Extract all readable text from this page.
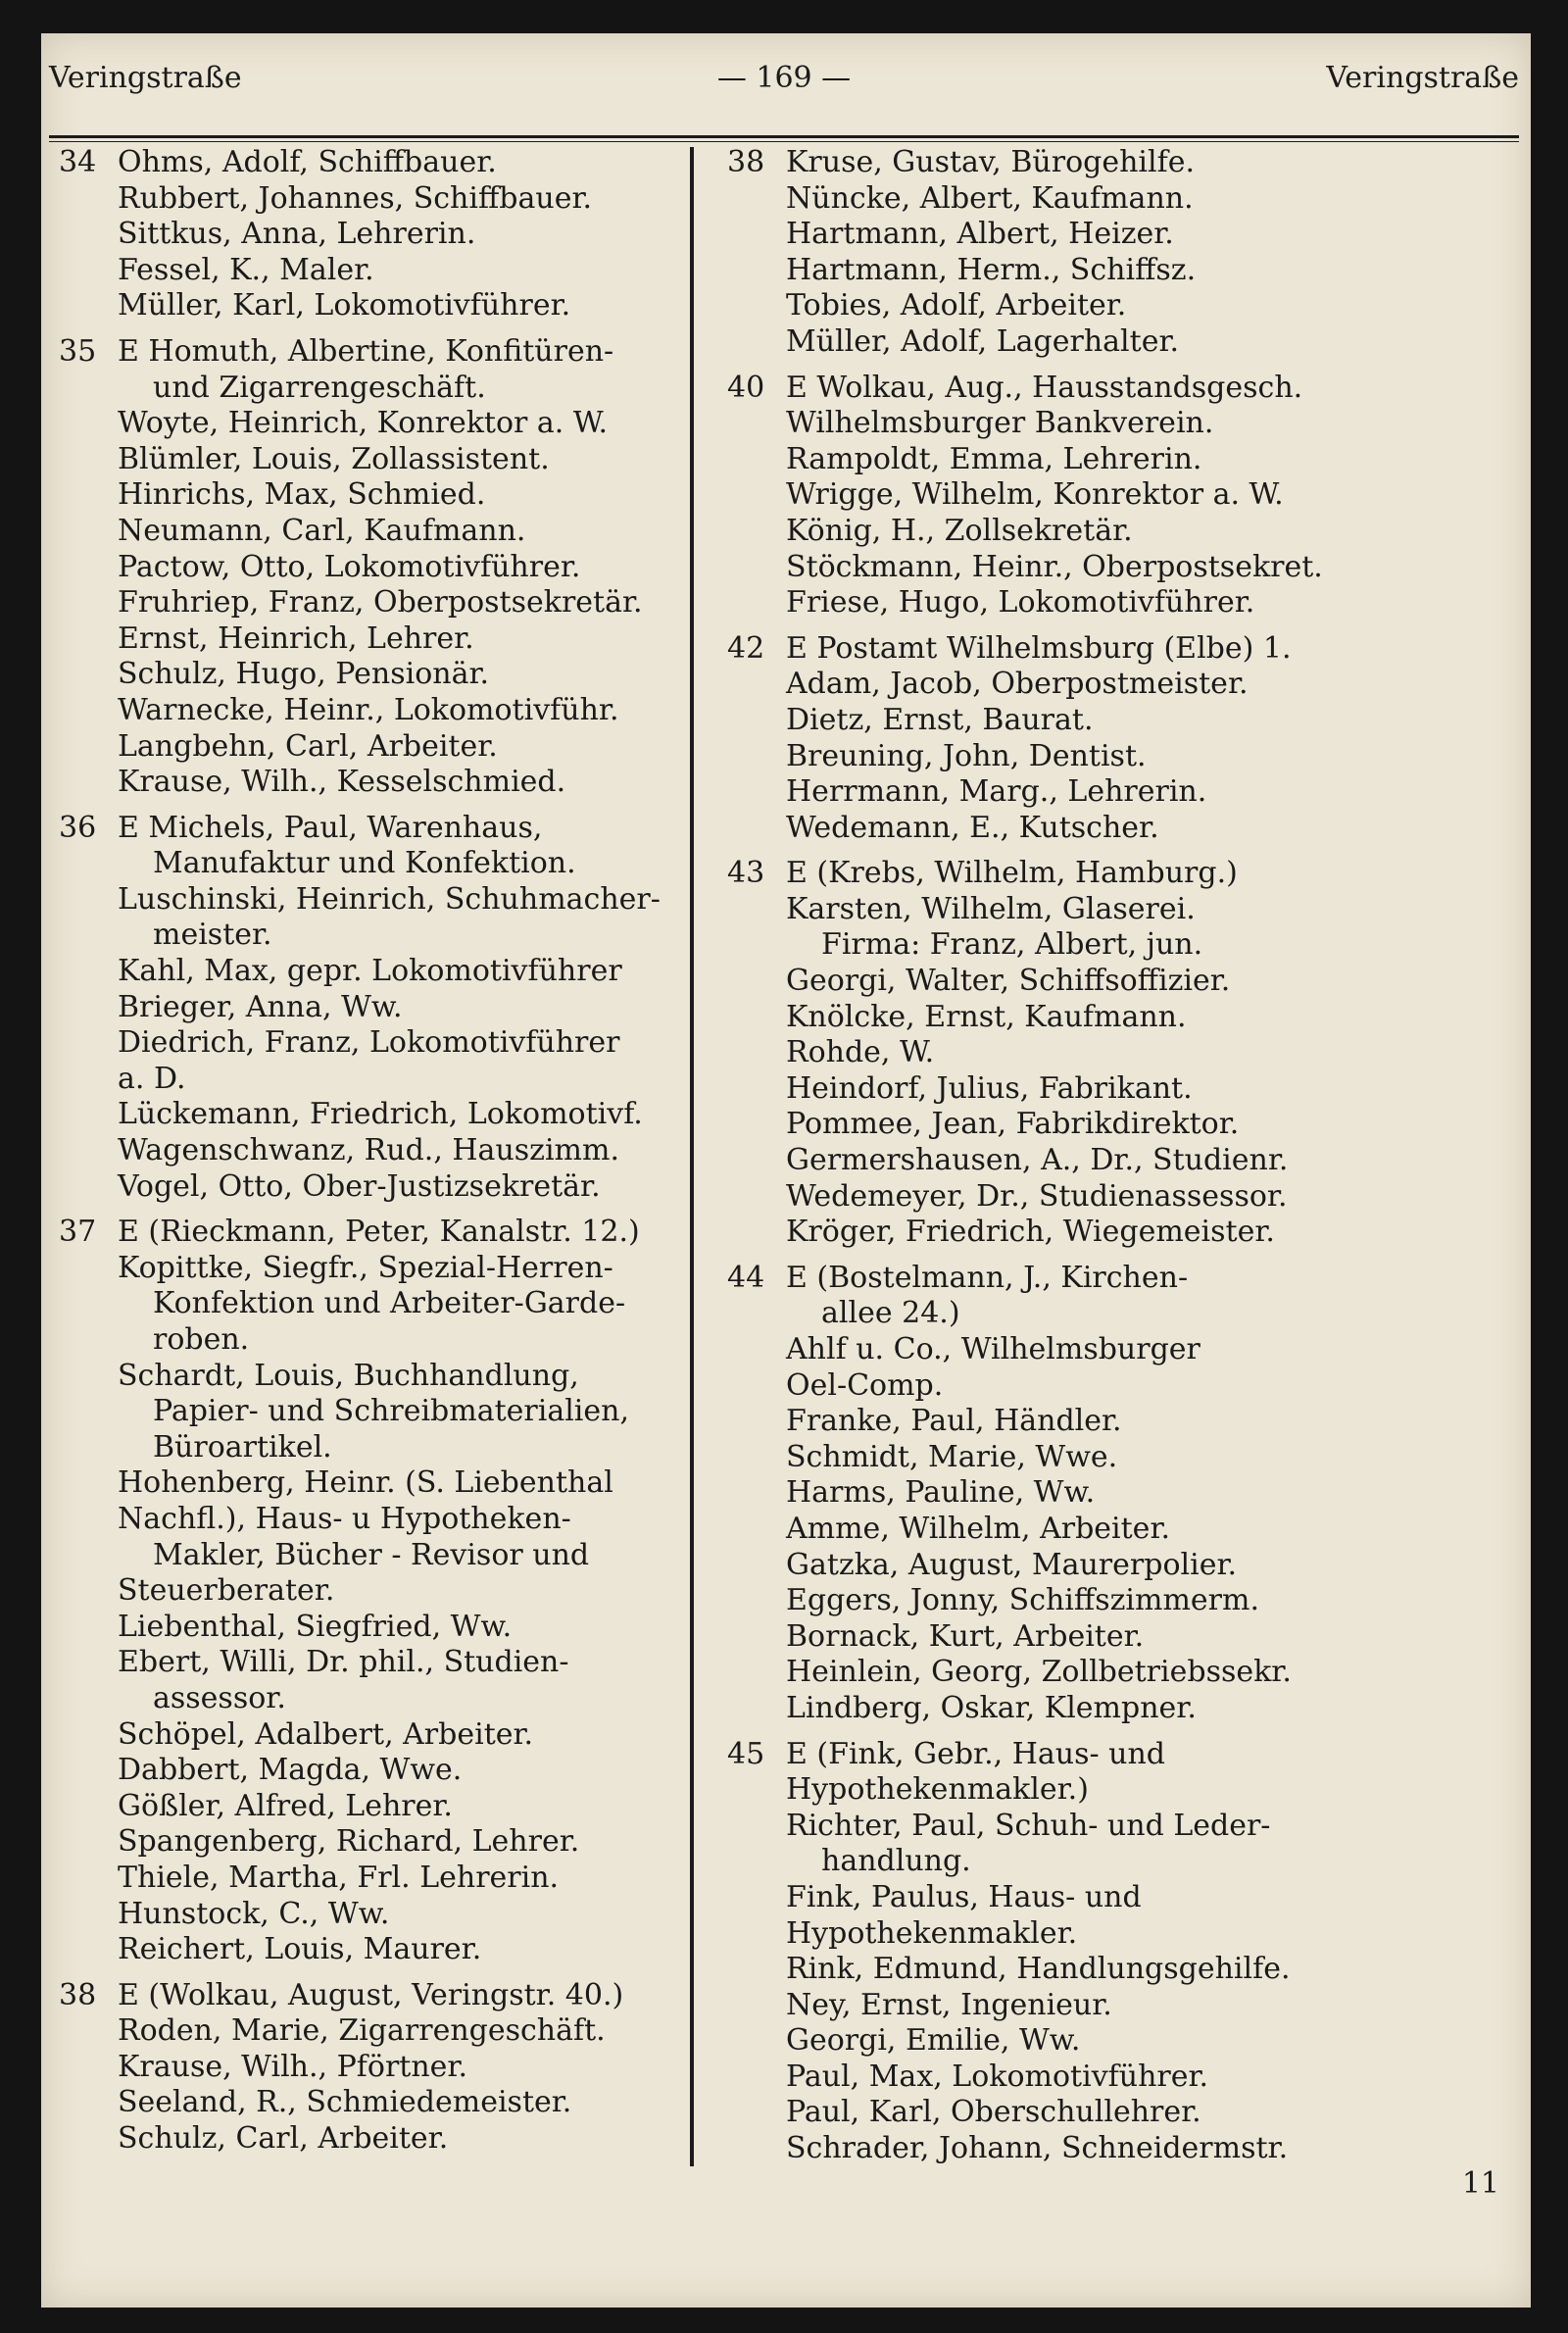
Veringstraße	— 169 —	Veringstraße
34 Ohms, Adolf, Schiffbauer.
Rubbert, Johannes, Schiffbauer.
Sittkus, Anna, Lehrerin.
Fessel, K., Maler.
Müller, Karl, Lokomotivführer.
35 E Homuth, Albertine, Konfitüren-
und Zigarrengeschäft.
Woyte, Heinrich, Konrektor a. W.
Blümler, Louis, Zollassistent.
Hinrichs, Max, Schmied.
Neumann, Carl, Kaufmann.
Pactow, Otto, Lokomotivführer.
Fruhriep, Franz, Oberpostsekretär.
Ernst, Heinrich, Lehrer.
Schulz, Hugo, Pensionär.
Warnecke, Heinr., Lokomotivführ.
Langbehn, Carl, Arbeiter.
Krause, Wilh., Kesselschmied.
36 E Michels, Paul, Warenhaus,
Manufaktur und Konfektion.
Luschinski, Heinrich, Schuhmacher-
meister.
Kahl, Max, gepr. Lokomotivführer
Brieger, Anna, Ww.
Diedrich, Franz, Lokomotivführer
a. D.
Lückemann, Friedrich, Lokomotivf.
Wagenschwanz, Rud., Hauszimm.
Vogel, Otto, Ober-Justizsekretär.
37 E (Rieckmann, Peter, Kanalstr. 12.)
Kopittke, Siegfr., Spezial-Herren-
Konfektion und Arbeiter-Garde-
roben.
Schardt, Louis, Buchhandlung,
Papier- und Schreibmaterialien,
Büroartikel.
Hohenberg, Heinr. (S. Liebenthal
Nachfl.), Haus- u Hypotheken-
Makler, Bücher - Revisor und
Steuerberater.
Liebenthal, Siegfried, Ww.
Ebert, Willi, Dr. phil., Studien-
assessor.
Schöpel, Adalbert, Arbeiter.
Dabbert, Magda, Wwe.
Gößler, Alfred, Lehrer.
Spangenberg, Richard, Lehrer.
Thiele, Martha, Frl. Lehrerin.
Hunstock, C., Ww.
Reichert, Louis, Maurer.
38 E (Wolkau, August, Veringstr. 40.)
Roden, Marie, Zigarrengeschäft.
Krause, Wilh., Pförtner.
Seeland, R., Schmiedemeister.
Schulz, Carl, Arbeiter.
38 Kruse, Gustav, Bürogehilfe.
Nüncke, Albert, Kaufmann.
Hartmann, Albert, Heizer.
Hartmann, Herm., Schiffsz.
Tobies, Adolf, Arbeiter.
Müller, Adolf, Lagerhalter.
40 E Wolkau, Aug., Hausstandsgesch.
Wilhelmsburger Bankverein.
Rampoldt, Emma, Lehrerin.
Wrigge, Wilhelm, Konrektor a. W.
König, H., Zollsekretär.
Stöckmann, Heinr., Oberpostsekret.
Friese, Hugo, Lokomotivführer.
42 E Postamt Wilhelmsburg (Elbe) 1.
Adam, Jacob, Oberpostmeister.
Dietz, Ernst, Baurat.
Breuning, John, Dentist.
Herrmann, Marg., Lehrerin.
Wedemann, E., Kutscher.
43 E (Krebs, Wilhelm, Hamburg.)
Karsten, Wilhelm, Glaserei.
Firma: Franz, Albert, jun.
Georgi, Walter, Schiffsoffizier.
Knölcke, Ernst, Kaufmann.
Rohde, W.
Heindorf, Julius, Fabrikant.
Pommee, Jean, Fabrikdirektor.
Germershausen, A., Dr., Studienr.
Wedemeyer, Dr., Studienassessor.
Kröger, Friedrich, Wiegemeister.
44 E (Bostelmann, J., Kirchen-
allee 24.)
Ahlf u. Co., Wilhelmsburger
Oel-Comp.
Franke, Paul, Händler.
Schmidt, Marie, Wwe.
Harms, Pauline, Ww.
Amme, Wilhelm, Arbeiter.
Gatzka, August, Maurerpolier.
Eggers, Jonny, Schiffszimmerm.
Bornack, Kurt, Arbeiter.
Heinlein, Georg, Zollbetriebssekr.
Lindberg, Oskar, Klempner.
45 E (Fink, Gebr., Haus- und
Hypothekenmakler.)
Richter, Paul, Schuh- und Leder-
handlung.
Fink, Paulus, Haus- und
Hypothekenmakler.
Rink, Edmund, Handlungsgehilfe.
Ney, Ernst, Ingenieur.
Georgi, Emilie, Ww.
Paul, Max, Lokomotivführer.
Paul, Karl, Oberschullehrer.
Schrader, Johann, Schneidermstr.
11
